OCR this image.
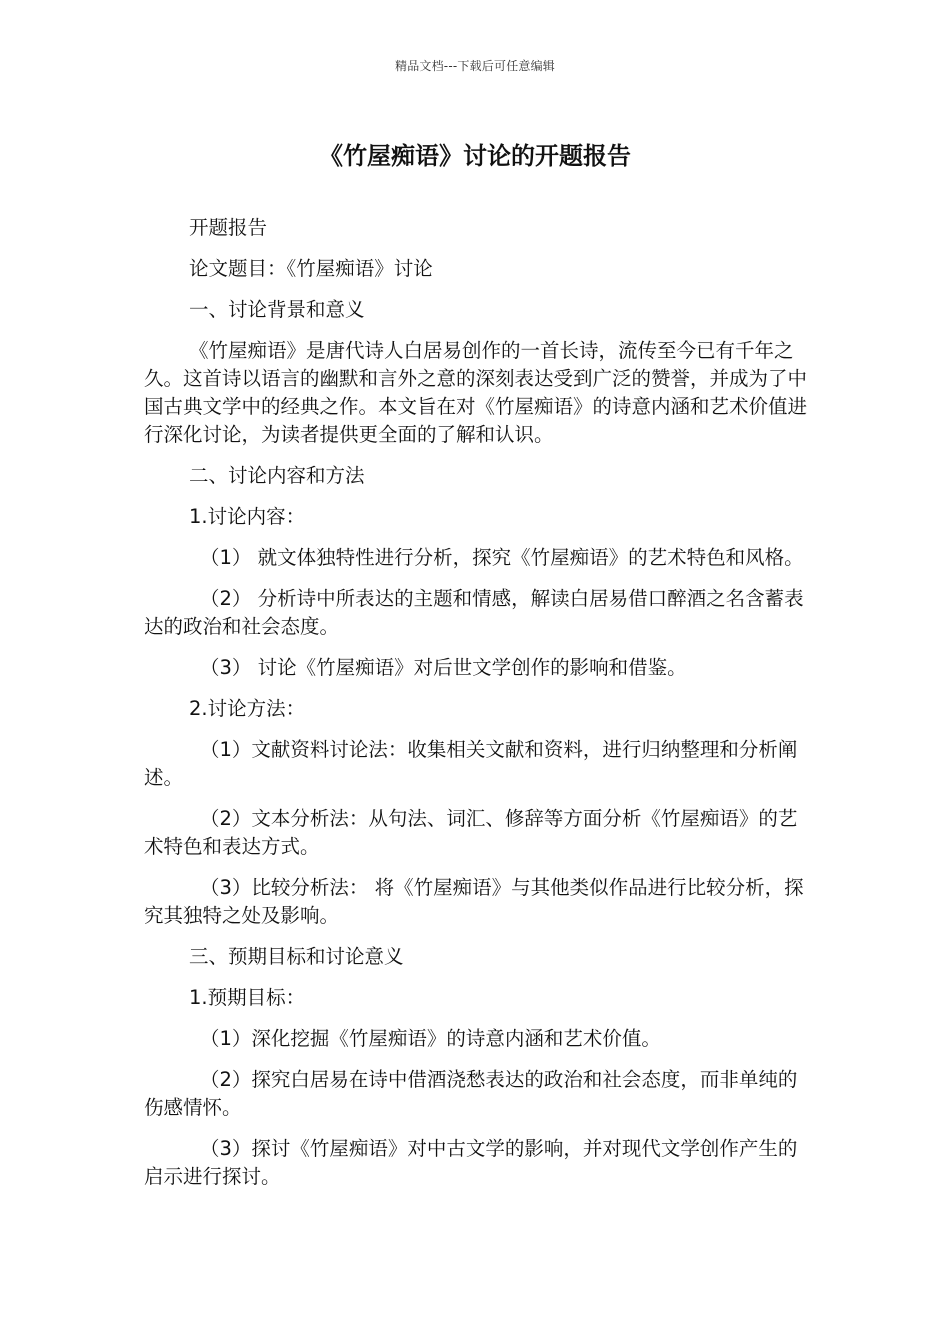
精品文档---下载后可任意编辑
《竹屋痴语》讨论的开题报告

开题报告

论文题目：《竹屋痴语》讨论

一、讨论背景和意义

《竹屋痴语》是唐代诗人白居易创作的一首长诗，流传至今已有千年之久。这首诗以语言的幽默和言外之意的深刻表达受到广泛的赞誉，并成为了中国古典文学中的经典之作。本文旨在对《竹屋痴语》的诗意内涵和艺术价值进行深化讨论，为读者提供更全面的了解和认识。

二、讨论内容和方法

1.讨论内容：

（1） 就文体独特性进行分析，探究《竹屋痴语》的艺术特色和风格。

（2） 分析诗中所表达的主题和情感，解读白居易借口醉酒之名含蓄表达的政治和社会态度。

（3） 讨论《竹屋痴语》对后世文学创作的影响和借鉴。

2.讨论方法：

（1）文献资料讨论法：收集相关文献和资料，进行归纳整理和分析阐述。

（2）文本分析法：从句法、词汇、修辞等方面分析《竹屋痴语》的艺术特色和表达方式。

（3）比较分析法： 将《竹屋痴语》与其他类似作品进行比较分析，探究其独特之处及影响。

三、预期目标和讨论意义

1.预期目标：

（1）深化挖掘《竹屋痴语》的诗意内涵和艺术价值。

（2）探究白居易在诗中借酒浇愁表达的政治和社会态度，而非单纯的伤感情怀。

（3）探讨《竹屋痴语》对中古文学的影响，并对现代文学创作产生的启示进行探讨。
